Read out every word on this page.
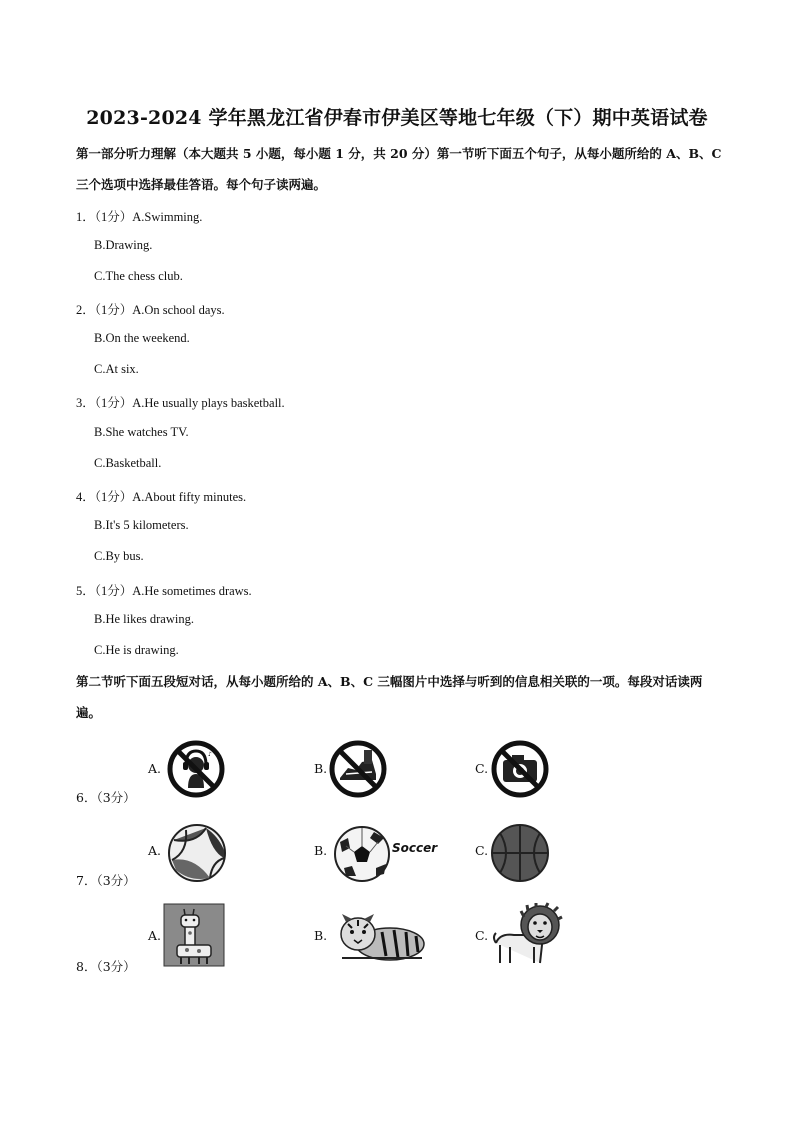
2023-2024 学年黑龙江省伊春市伊美区等地七年级（下）期中英语试卷
第一部分听力理解（本大题共 5 小题，每小题 1 分，共 20 分）第一节听下面五个句子，从每小题所给的 A、B、C 三个选项中选择最佳答语。每个句子读两遍。
1．（1分）A.Swimming.
B.Drawing.
C.The chess club.
2．（1分）A.On school days.
B.On the weekend.
C.At six.
3．（1分）A.He usually plays basketball.
B.She watches TV.
C.Basketball.
4．（1分）A.About fifty minutes.
B.It's 5 kilometers.
C.By bus.
5．（1分）A.He sometimes draws.
B.He likes drawing.
C.He is drawing.
第二节听下面五段短对话，从每小题所给的 A、B、C 三幅图片中选择与听到的信息相关联的一项。每段对话读两遍。
6．（3分）
A.	B.	C.
♪
7．（3分）
A.	B.	C.
Soccer
8．（3分）
A.	B.	C.
